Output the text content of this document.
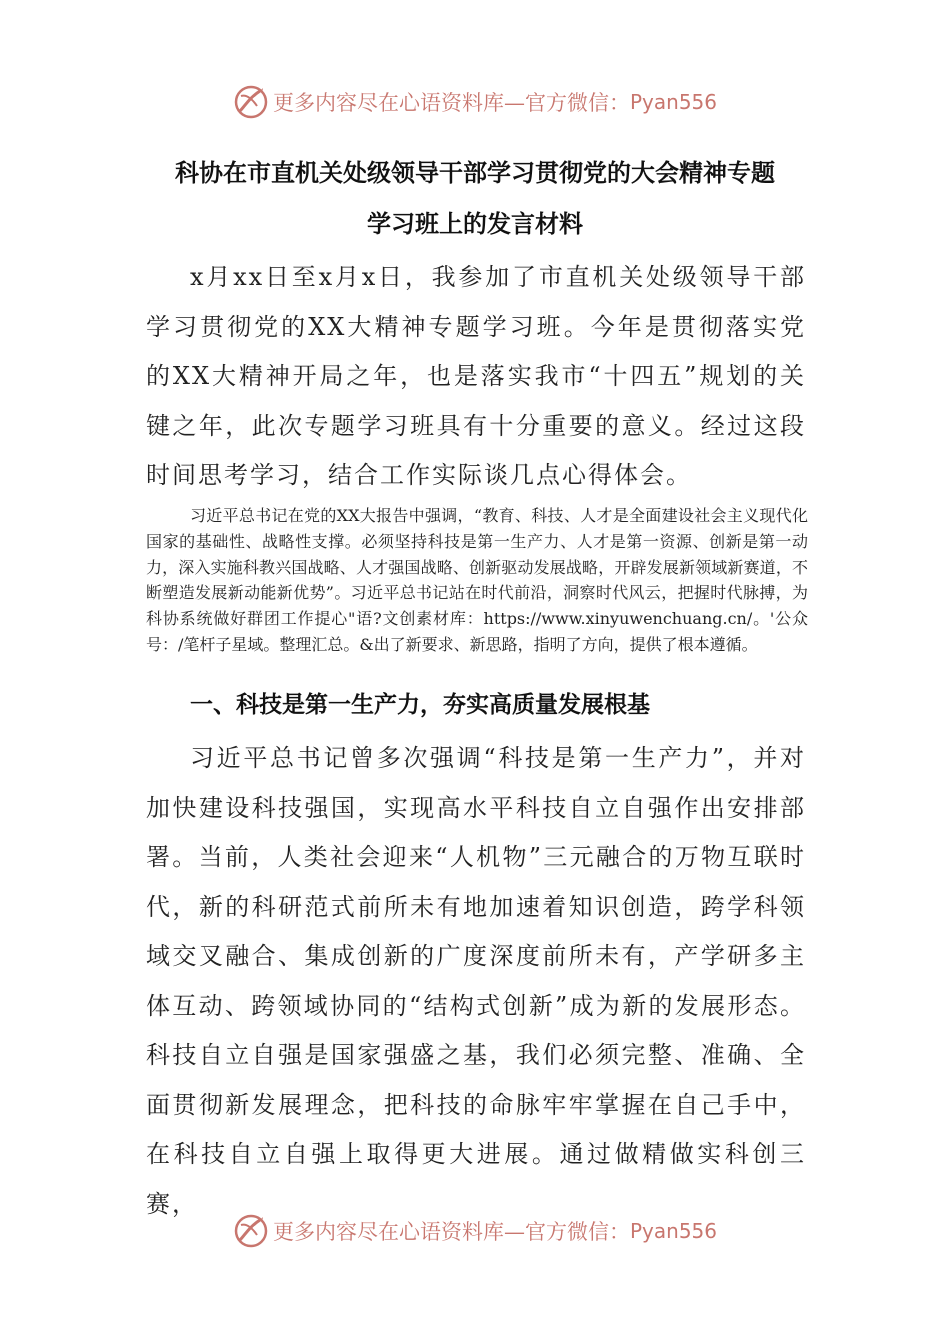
更多内容尽在心语资料库—官方微信： Pyan556
科协在市直机关处级领导干部学习贯彻党的大会精神专题
学习班上的发言材料
x月xx日至x月x日，我参加了市直机关处级领导干部学习贯彻党的XX大精神专题学习班。今年是贯彻落实党的XX大精神开局之年，也是落实我市“十四五”规划的关键之年，此次专题学习班具有十分重要的意义。经过这段时间思考学习，结合工作实际谈几点心得体会。
习近平总书记在党的XX大报告中强调，“教育、科技、人才是全面建设社会主义现代化国家的基础性、战略性支撑。必须坚持科技是第一生产力、人才是第一资源、创新是第一动力，深入实施科教兴国战略、人才强国战略、创新驱动发展战略，开辟发展新领域新赛道，不断塑造发展新动能新优势”。习近平总书记站在时代前沿，洞察时代风云，把握时代脉搏，为科协系统做好群团工作提心"语?文创素材库：https://www.xinyuwenchuang.cn/。'公众号：/笔杆子星域。整理汇总。&出了新要求、新思路，指明了方向，提供了根本遵循。
一、科技是第一生产力，夯实高质量发展根基
习近平总书记曾多次强调“科技是第一生产力”，并对加快建设科技强国，实现高水平科技自立自强作出安排部署。当前，人类社会迎来“人机物”三元融合的万物互联时代，新的科研范式前所未有地加速着知识创造，跨学科领域交叉融合、集成创新的广度深度前所未有，产学研多主体互动、跨领域协同的“结构式创新”成为新的发展形态。科技自立自强是国家强盛之基，我们必须完整、准确、全面贯彻新发展理念，把科技的命脉牢牢掌握在自己手中，在科技自立自强上取得更大进展。通过做精做实科创三赛，
更多内容尽在心语资料库—官方微信： Pyan556
